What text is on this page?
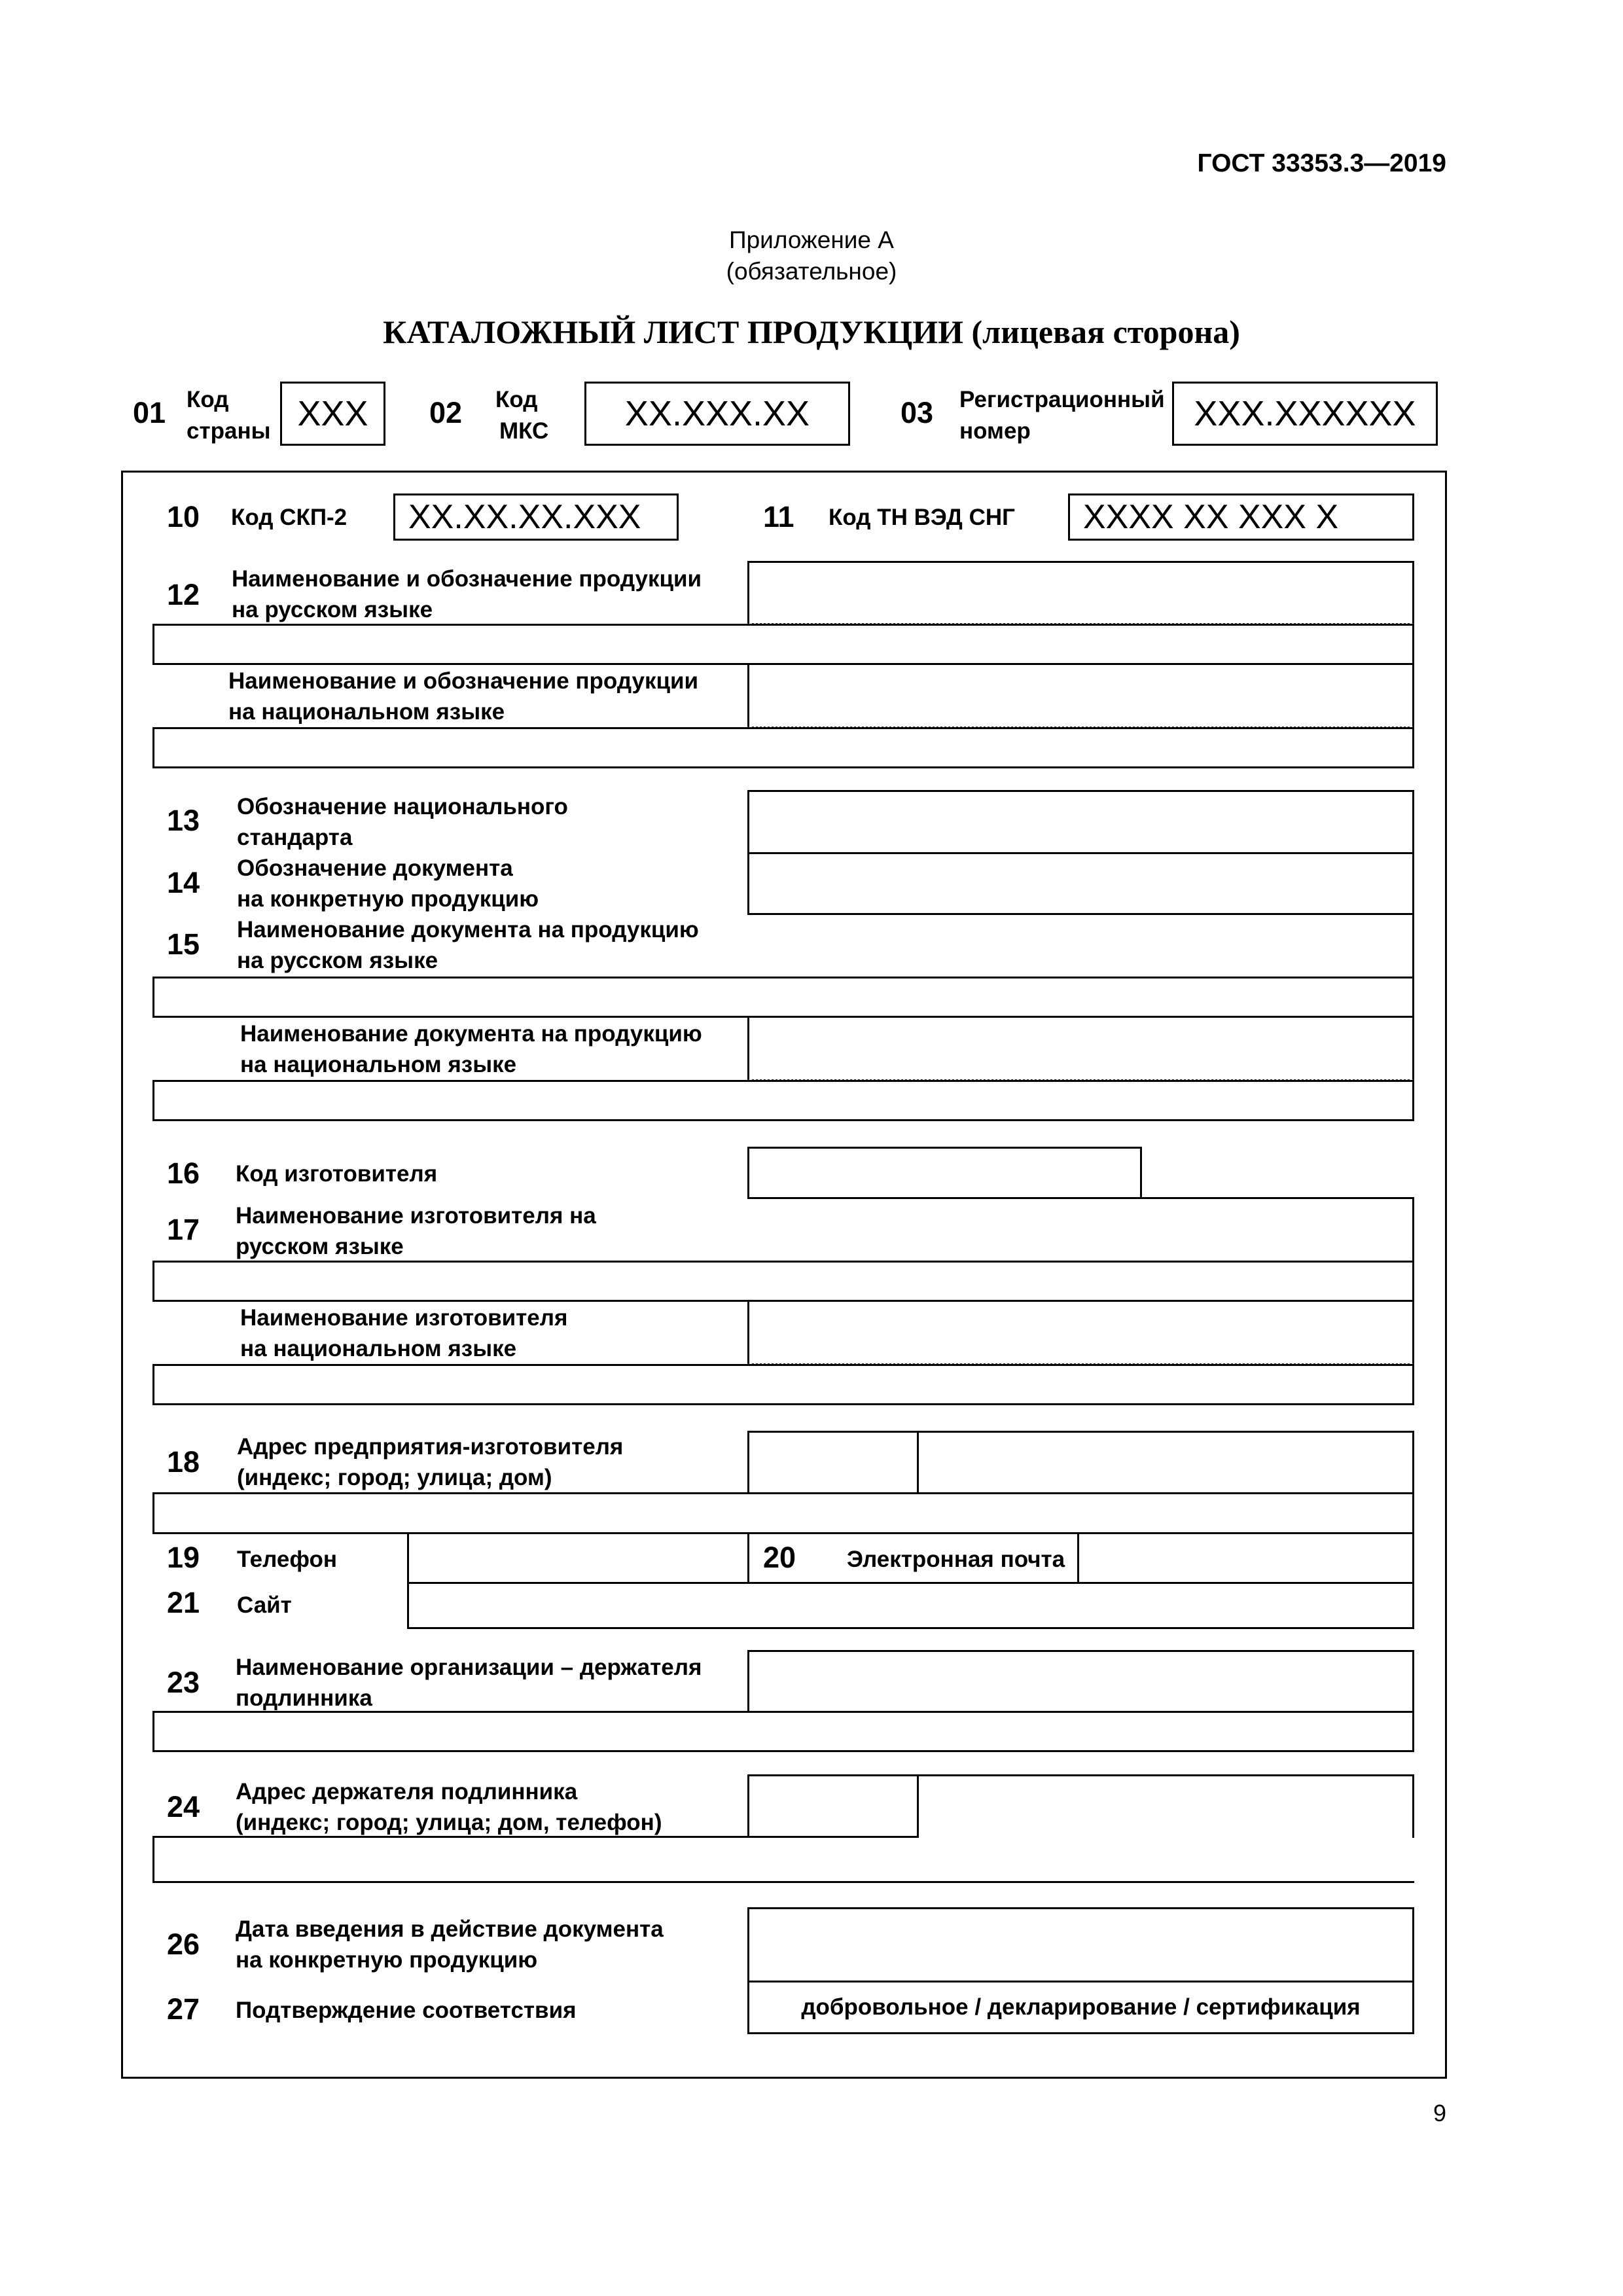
ГОСТ 33353.3—2019
Приложение А
(обязательное)
КАТАЛОЖНЫЙ ЛИСТ ПРОДУКЦИИ (лицевая сторона)
01 Код
страны XXX	02 Код
МКС	XX.XXX.XX	03 Регистрационный
номер	XXX.XXXXXX
10 Код СКП-2	XX.XX.XX.XXX	11 Код ТН ВЭД СНГ	XXXX XX XXX X
12 Наименование и обозначение продукции
на русском языке
Наименование и обозначение продукции
на национальном языке
13 Обозначение национального
стандарта
14 Обозначение документа
на конкретную продукцию
15 Наименование документа на продукцию
на русском языке
Наименование документа на продукцию
на национальном языке
16 Код изготовителя
17 Наименование изготовителя на
русском языке
Наименование изготовителя
на национальном языке
18 Адрес предприятия-изготовителя
(индекс; город; улица; дом)
19 Телефон	20 Электронная почта
21 Сайт
23 Наименование организации – держателя
подлинника
24 Адрес держателя подлинника
(индекс; город; улица; дом, телефон)
26 Дата введения в действие документа
на конкретную продукцию
27 Подтверждение соответствия	добровольное / декларирование / сертификация
9
